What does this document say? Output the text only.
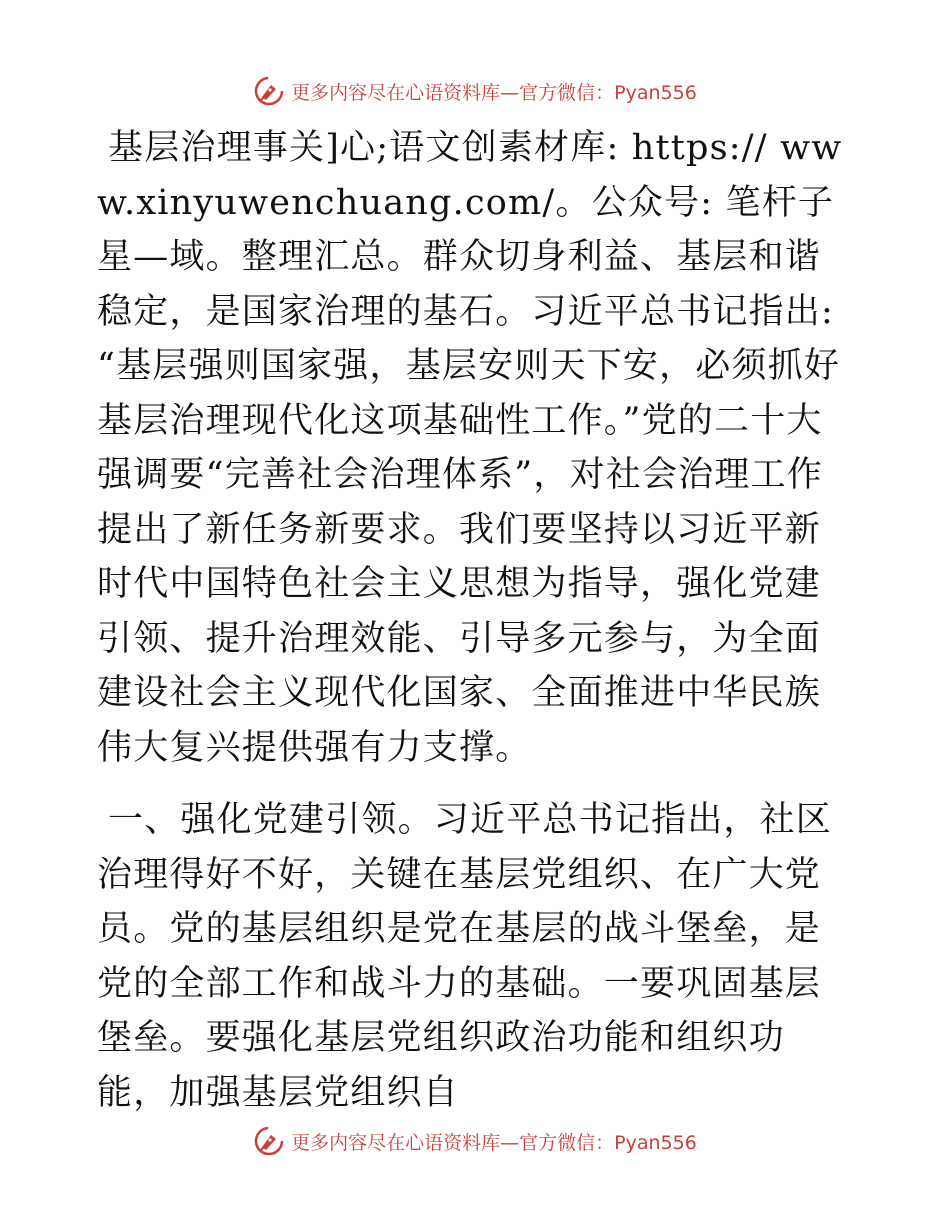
更多内容尽在心语资料库—官方微信：Pyan556

基层治理事关]心;语文创素材库: https:// www.xinyuwenchuang.com/。公众号: 笔杆子星—域。整理汇总。群众切身利益、基层和谐稳定，是国家治理的基石。习近平总书记指出: “基层强则国家强，基层安则天下安，必须抓好基层治理现代化这项基础性工作。”党的二十大强调要“完善社会治理体系”，对社会治理工作提出了新任务新要求。我们要坚持以习近平新时代中国特色社会主义思想为指导，强化党建引领、提升治理效能、引导多元参与，为全面建设社会主义现代化国家、全面推进中华民族伟大复兴提供强有力支撑。

一、强化党建引领。习近平总书记指出，社区治理得好不好，关键在基层党组织、在广大党员。党的基层组织是党在基层的战斗堡垒，是党的全部工作和战斗力的基础。一要巩固基层堡垒。要强化基层党组织政治功能和组织功能，加强基层党组织自

更多内容尽在心语资料库—官方微信：Pyan556
